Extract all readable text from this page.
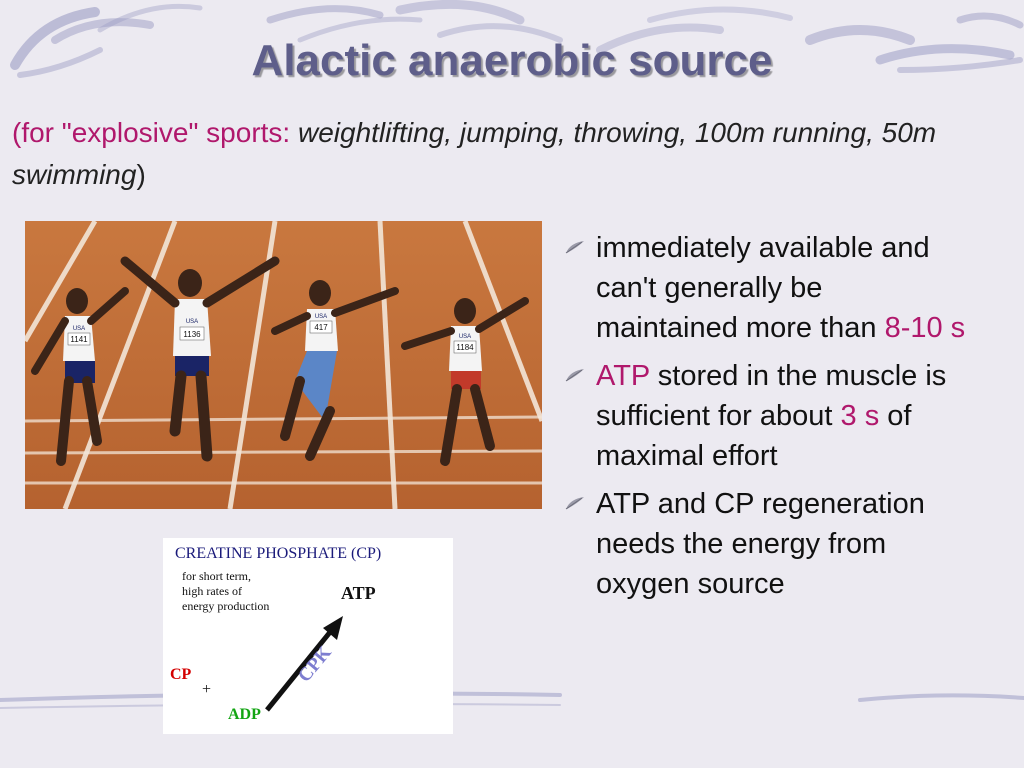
Alactic anaerobic source
(for "explosive" sports: weightlifting, jumping, throwing, 100m running, 50m swimming)
USA
1141
USA
1136
USA
417
USA
1184
CREATINE PHOSPHATE (CP)
for short term,
high rates of
energy production
ATP
CP
+
ADP
CPK
immediately available and can't generally be maintained more than 8-10 s
ATP stored in the muscle is sufficient for about 3 s of maximal effort
ATP and CP regeneration needs the energy from oxygen source
